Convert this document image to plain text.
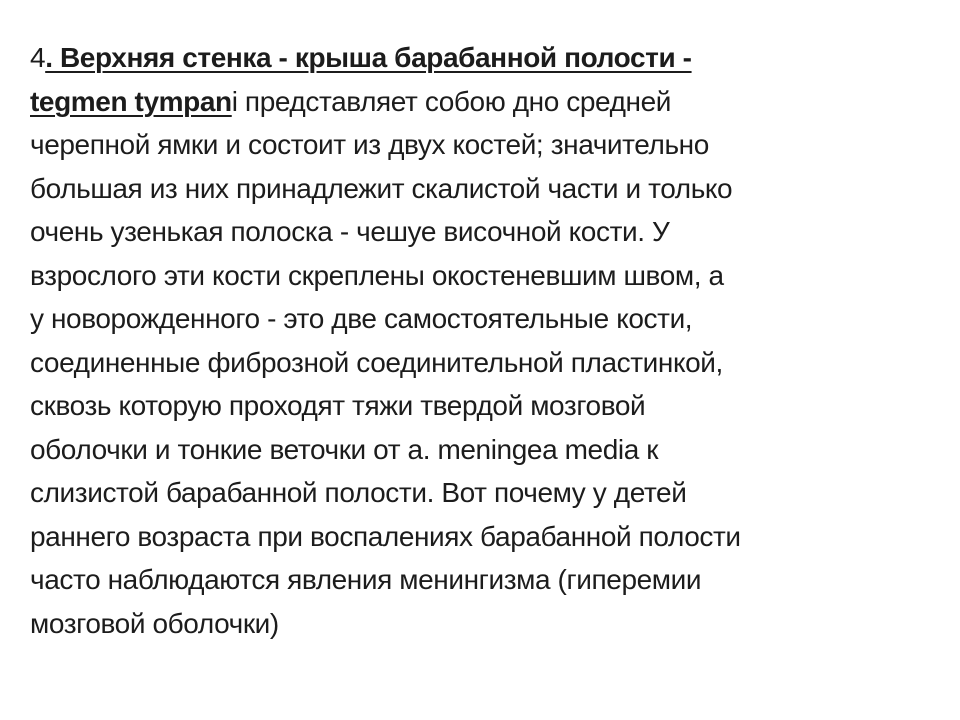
4. Верхняя стенка - крыша барабанной полости -
tegmen tympani представляет собою дно средней
черепной ямки и состоит из двух костей; значительно
большая из них принадлежит скалистой части и только
очень узенькая полоска - чешуе височной кости. У
взрослого эти кости скреплены окостеневшим швом, а
у новорожденного - это две самостоятельные кости,
соединенные фиброзной соединительной пластинкой,
сквозь которую проходят тяжи твердой мозговой
оболочки и тонкие веточки от а. meningea media к
слизистой барабанной полости. Вот почему у детей
раннего возраста при воспалениях барабанной полости
часто наблюдаются явления менингизма (гиперемии
мозговой оболочки)
